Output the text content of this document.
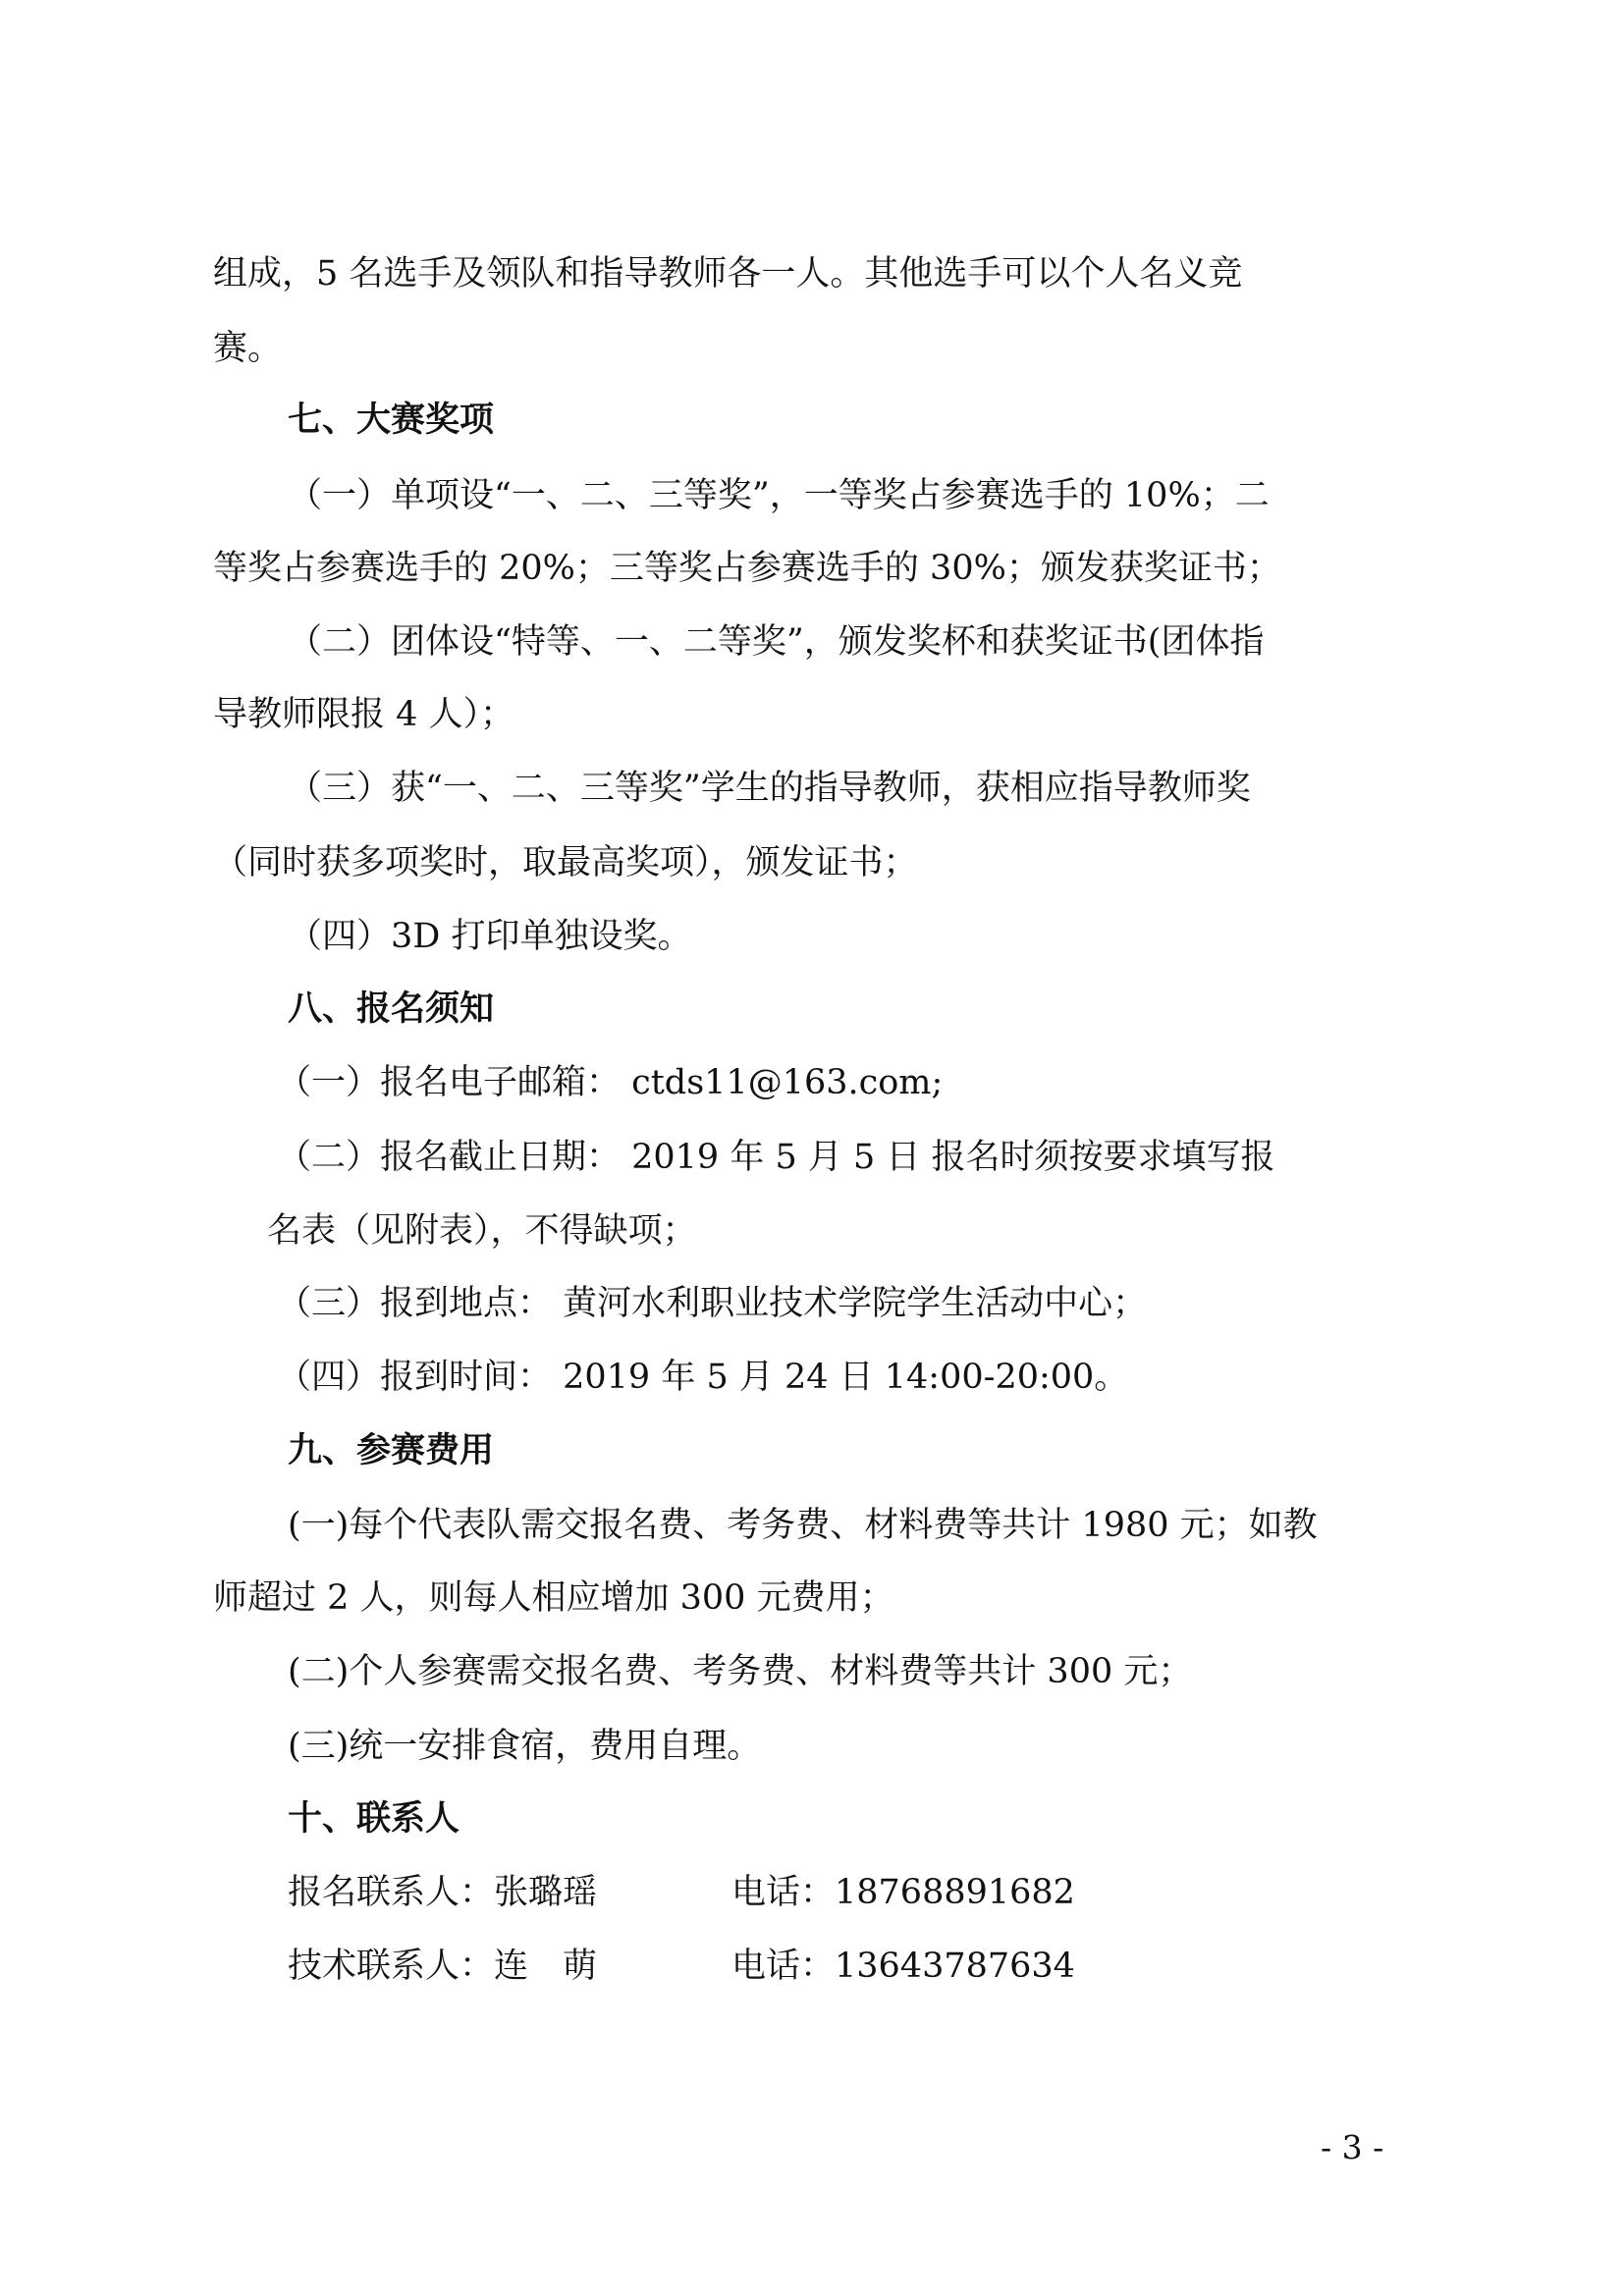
组成，5 名选手及领队和指导教师各一人。其他选手可以个人名义竞
赛。
七、大赛奖项
（一）单项设“一、二、三等奖”，一等奖占参赛选手的 10%；二
等奖占参赛选手的 20%；三等奖占参赛选手的 30%；颁发获奖证书；
（二）团体设“特等、一、二等奖”，颁发奖杯和获奖证书(团体指
导教师限报 4 人）；
（三）获“一、二、三等奖”学生的指导教师，获相应指导教师奖
（同时获多项奖时，取最高奖项），颁发证书；
（四）3D 打印单独设奖。
八、报名须知
（一）报名电子邮箱： ctds11@163.com;
（二）报名截止日期： 2019 年 5 月 5 日 报名时须按要求填写报
名表（见附表），不得缺项；
（三）报到地点： 黄河水利职业技术学院学生活动中心；
（四）报到时间： 2019 年 5 月 24 日 14:00-20:00。
九、参赛费用
(一)每个代表队需交报名费、考务费、材料费等共计 1980 元；如教
师超过 2 人，则每人相应增加 300 元费用；
(二)个人参赛需交报名费、考务费、材料费等共计 300 元；
(三)统一安排食宿，费用自理。
十、联系人
报名联系人：张璐瑶	电话：18768891682
技术联系人：连　萌	电话：13643787634
- 3 -
